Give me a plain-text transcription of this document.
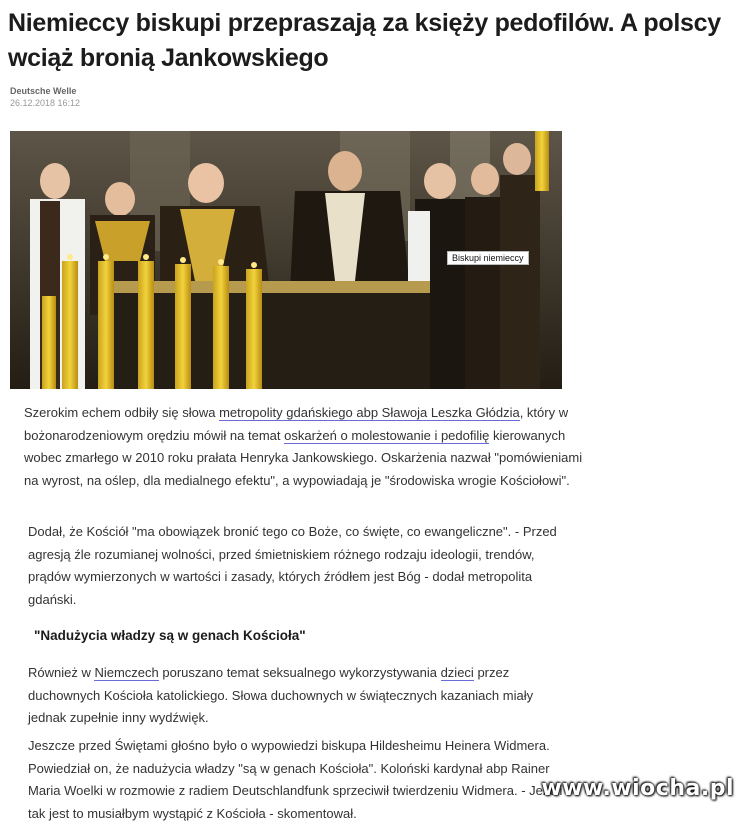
Niemieccy biskupi przepraszają za księży pedofilów. A polscy wciąż bronią Jankowskiego
Deutsche Welle
26.12.2018 16:12
Biskupi niemieccy

Szerokim echem odbiły się słowa metropolity gdańskiego abp Sławoja Leszka Głódzia, który w bożonarodzeniowym orędziu mówił na temat oskarżeń o molestowanie i pedofilię kierowanych wobec zmarłego w 2010 roku prałata Henryka Jankowskiego. Oskarżenia nazwał "pomówieniami na wyrost, na oślep, dla medialnego efektu", a wypowiadają je "środowiska wrogie Kościołowi".

Dodał, że Kościół "ma obowiązek bronić tego co Boże, co święte, co ewangeliczne". - Przed agresją źle rozumianej wolności, przed śmietniskiem różnego rodzaju ideologii, trendów, prądów wymierzonych w wartości i zasady, których źródłem jest Bóg - dodał metropolita gdański.

"Nadużycia władzy są w genach Kościoła"

Również w Niemczech poruszano temat seksualnego wykorzystywania dzieci przez duchownych Kościoła katolickiego. Słowa duchownych w świątecznych kazaniach miały jednak zupełnie inny wydźwięk.

Jeszcze przed Świętami głośno było o wypowiedzi biskupa Hildesheimu Heinera Widmera. Powiedział on, że nadużycia władzy "są w genach Kościoła". Koloński kardynał abp Rainer Maria Woelki w rozmowie z radiem Deutschlandfunk sprzeciwił twierdzeniu Widmera. - Jeżeli tak jest to musiałbym wystąpić z Kościoła - skomentował.

www.wiocha.pl
